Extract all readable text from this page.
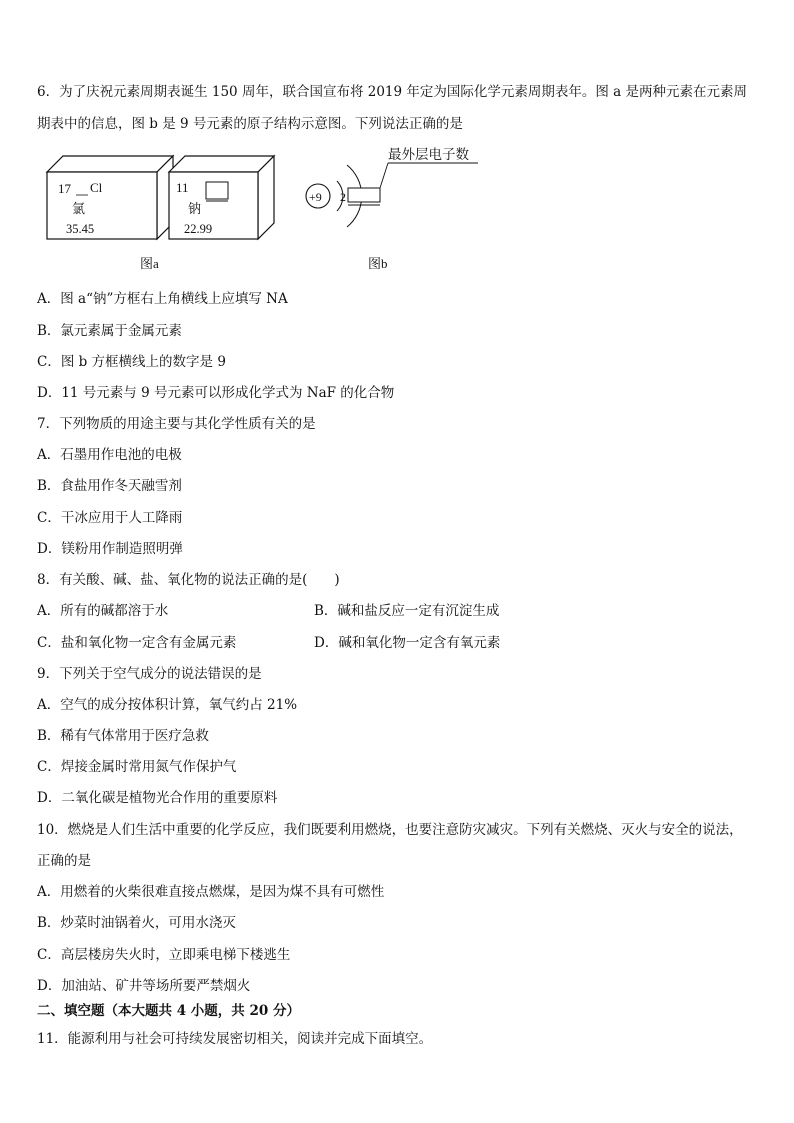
6．为了庆祝元素周期表诞生 150 周年，联合国宣布将 2019 年定为国际化学元素周期表年。图 a 是两种元素在元素周
期表中的信息，图 b 是 9 号元素的原子结构示意图。下列说法正确的是
17 Cl
氯
35.45
11
钠
22.99
图a
+9 2
最外层电子数
图b
A．图 a“钠”方框右上角横线上应填写 NA
B．氯元素属于金属元素
C．图 b 方框横线上的数字是 9
D．11 号元素与 9 号元素可以形成化学式为 NaF 的化合物
7．下列物质的用途主要与其化学性质有关的是
A．石墨用作电池的电极
B．食盐用作冬天融雪剂
C．干冰应用于人工降雨
D．镁粉用作制造照明弹
8．有关酸、碱、盐、氧化物的说法正确的是(　　)
A．所有的碱都溶于水	B．碱和盐反应一定有沉淀生成
C．盐和氧化物一定含有金属元素	D．碱和氧化物一定含有氧元素
9．下列关于空气成分的说法错误的是
A．空气的成分按体积计算，氧气约占 21%
B．稀有气体常用于医疗急救
C．焊接金属时常用氮气作保护气
D．二氧化碳是植物光合作用的重要原料
10．燃烧是人们生活中重要的化学反应，我们既要利用燃烧，也要注意防灾减灾。下列有关燃烧、灭火与安全的说法，
正确的是
A．用燃着的火柴很难直接点燃煤，是因为煤不具有可燃性
B．炒菜时油锅着火，可用水浇灭
C．高层楼房失火时，立即乘电梯下楼逃生
D．加油站、矿井等场所要严禁烟火
二、填空题（本大题共 4 小题，共 20 分）
11．能源利用与社会可持续发展密切相关，阅读并完成下面填空。
